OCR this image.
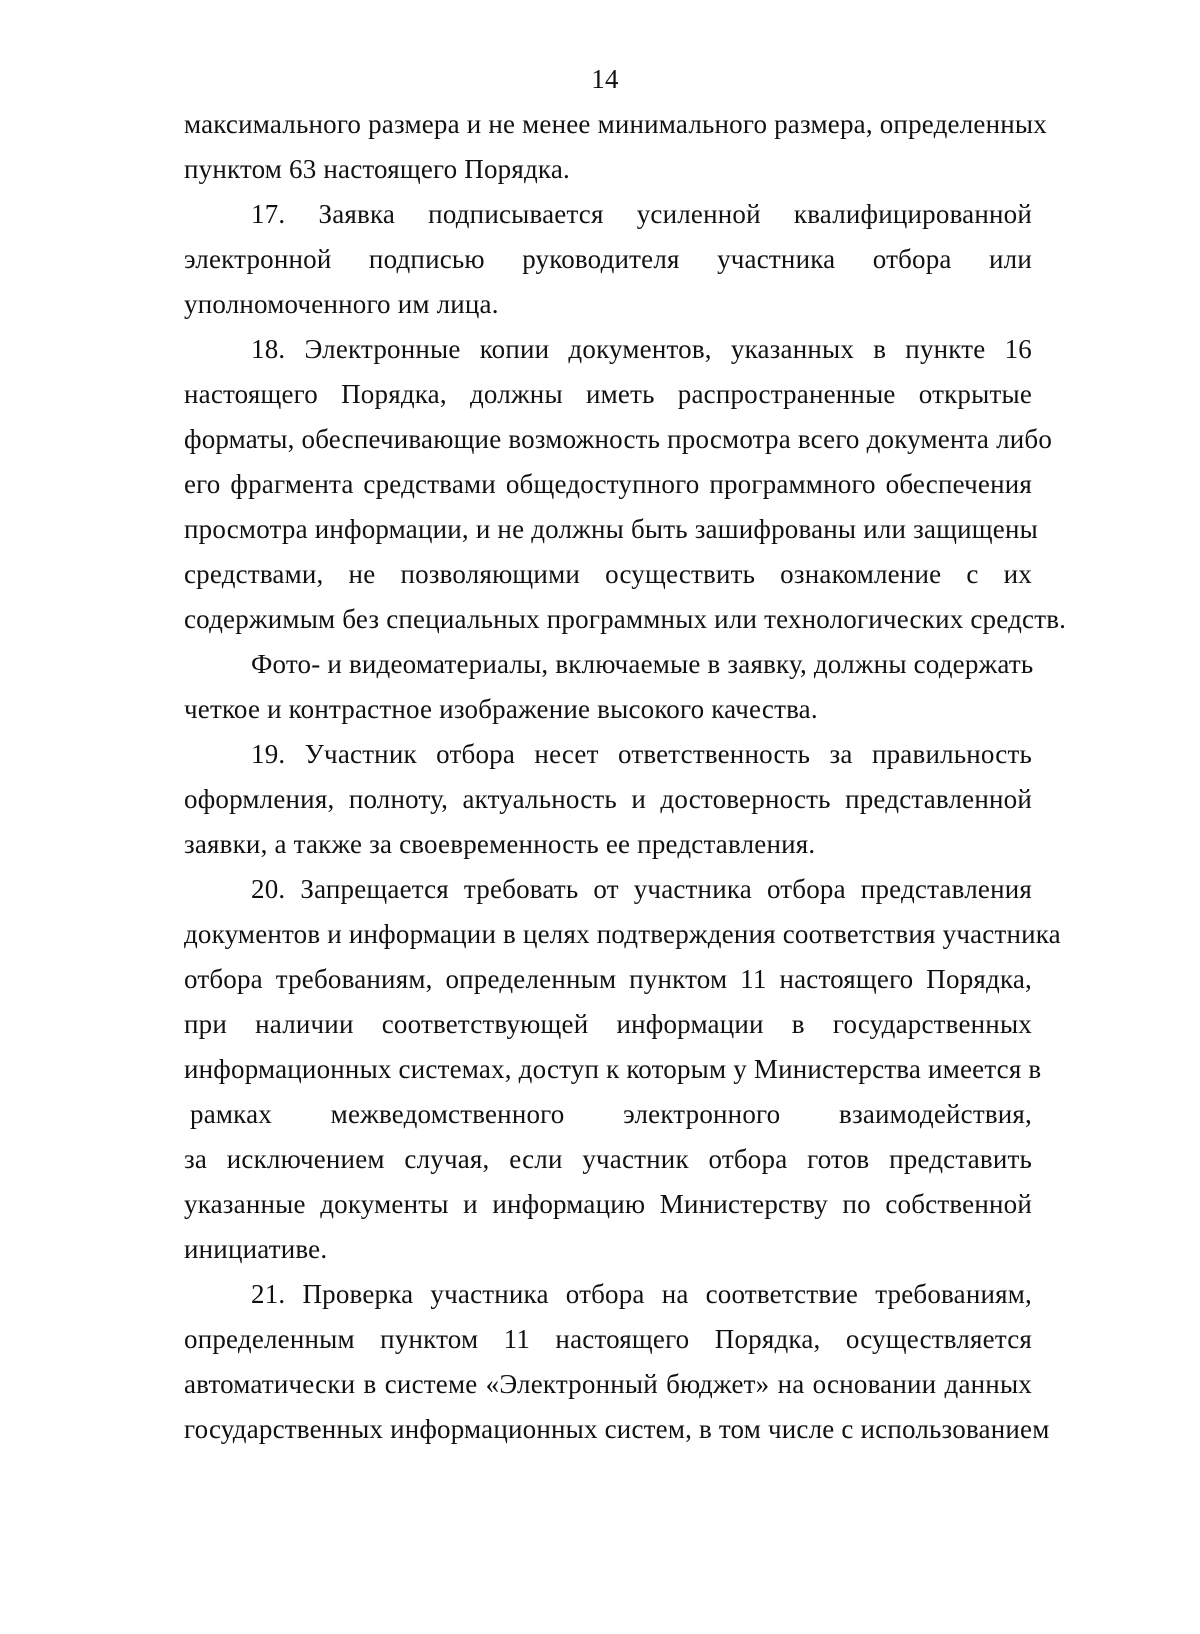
14
максимального размера и не менее минимального размера, определенных
пунктом 63 настоящего Порядка.
17. Заявка подписывается усиленной квалифицированной
электронной подписью руководителя участника отбора или
уполномоченного им лица.
18. Электронные копии документов, указанных в пункте 16
настоящего Порядка, должны иметь распространенные открытые
форматы, обеспечивающие возможность просмотра всего документа либо
его фрагмента средствами общедоступного программного обеспечения
просмотра информации, и не должны быть зашифрованы или защищены
средствами, не позволяющими осуществить ознакомление с их
содержимым без специальных программных или технологических средств.
Фото- и видеоматериалы, включаемые в заявку, должны содержать
четкое и контрастное изображение высокого качества.
19. Участник отбора несет ответственность за правильность
оформления, полноту, актуальность и достоверность представленной
заявки, а также за своевременность ее представления.
20. Запрещается требовать от участника отбора представления
документов и информации в целях подтверждения соответствия участника
отбора требованиям, определенным пунктом 11 настоящего Порядка,
при наличии соответствующей информации в государственных
информационных системах, доступ к которым у Министерства имеется в
рамках межведомственного электронного взаимодействия,
за исключением случая, если участник отбора готов представить
указанные документы и информацию Министерству по собственной
инициативе.
21. Проверка участника отбора на соответствие требованиям,
определенным пунктом 11 настоящего Порядка, осуществляется
автоматически в системе «Электронный бюджет» на основании данных
государственных информационных систем, в том числе с использованием
